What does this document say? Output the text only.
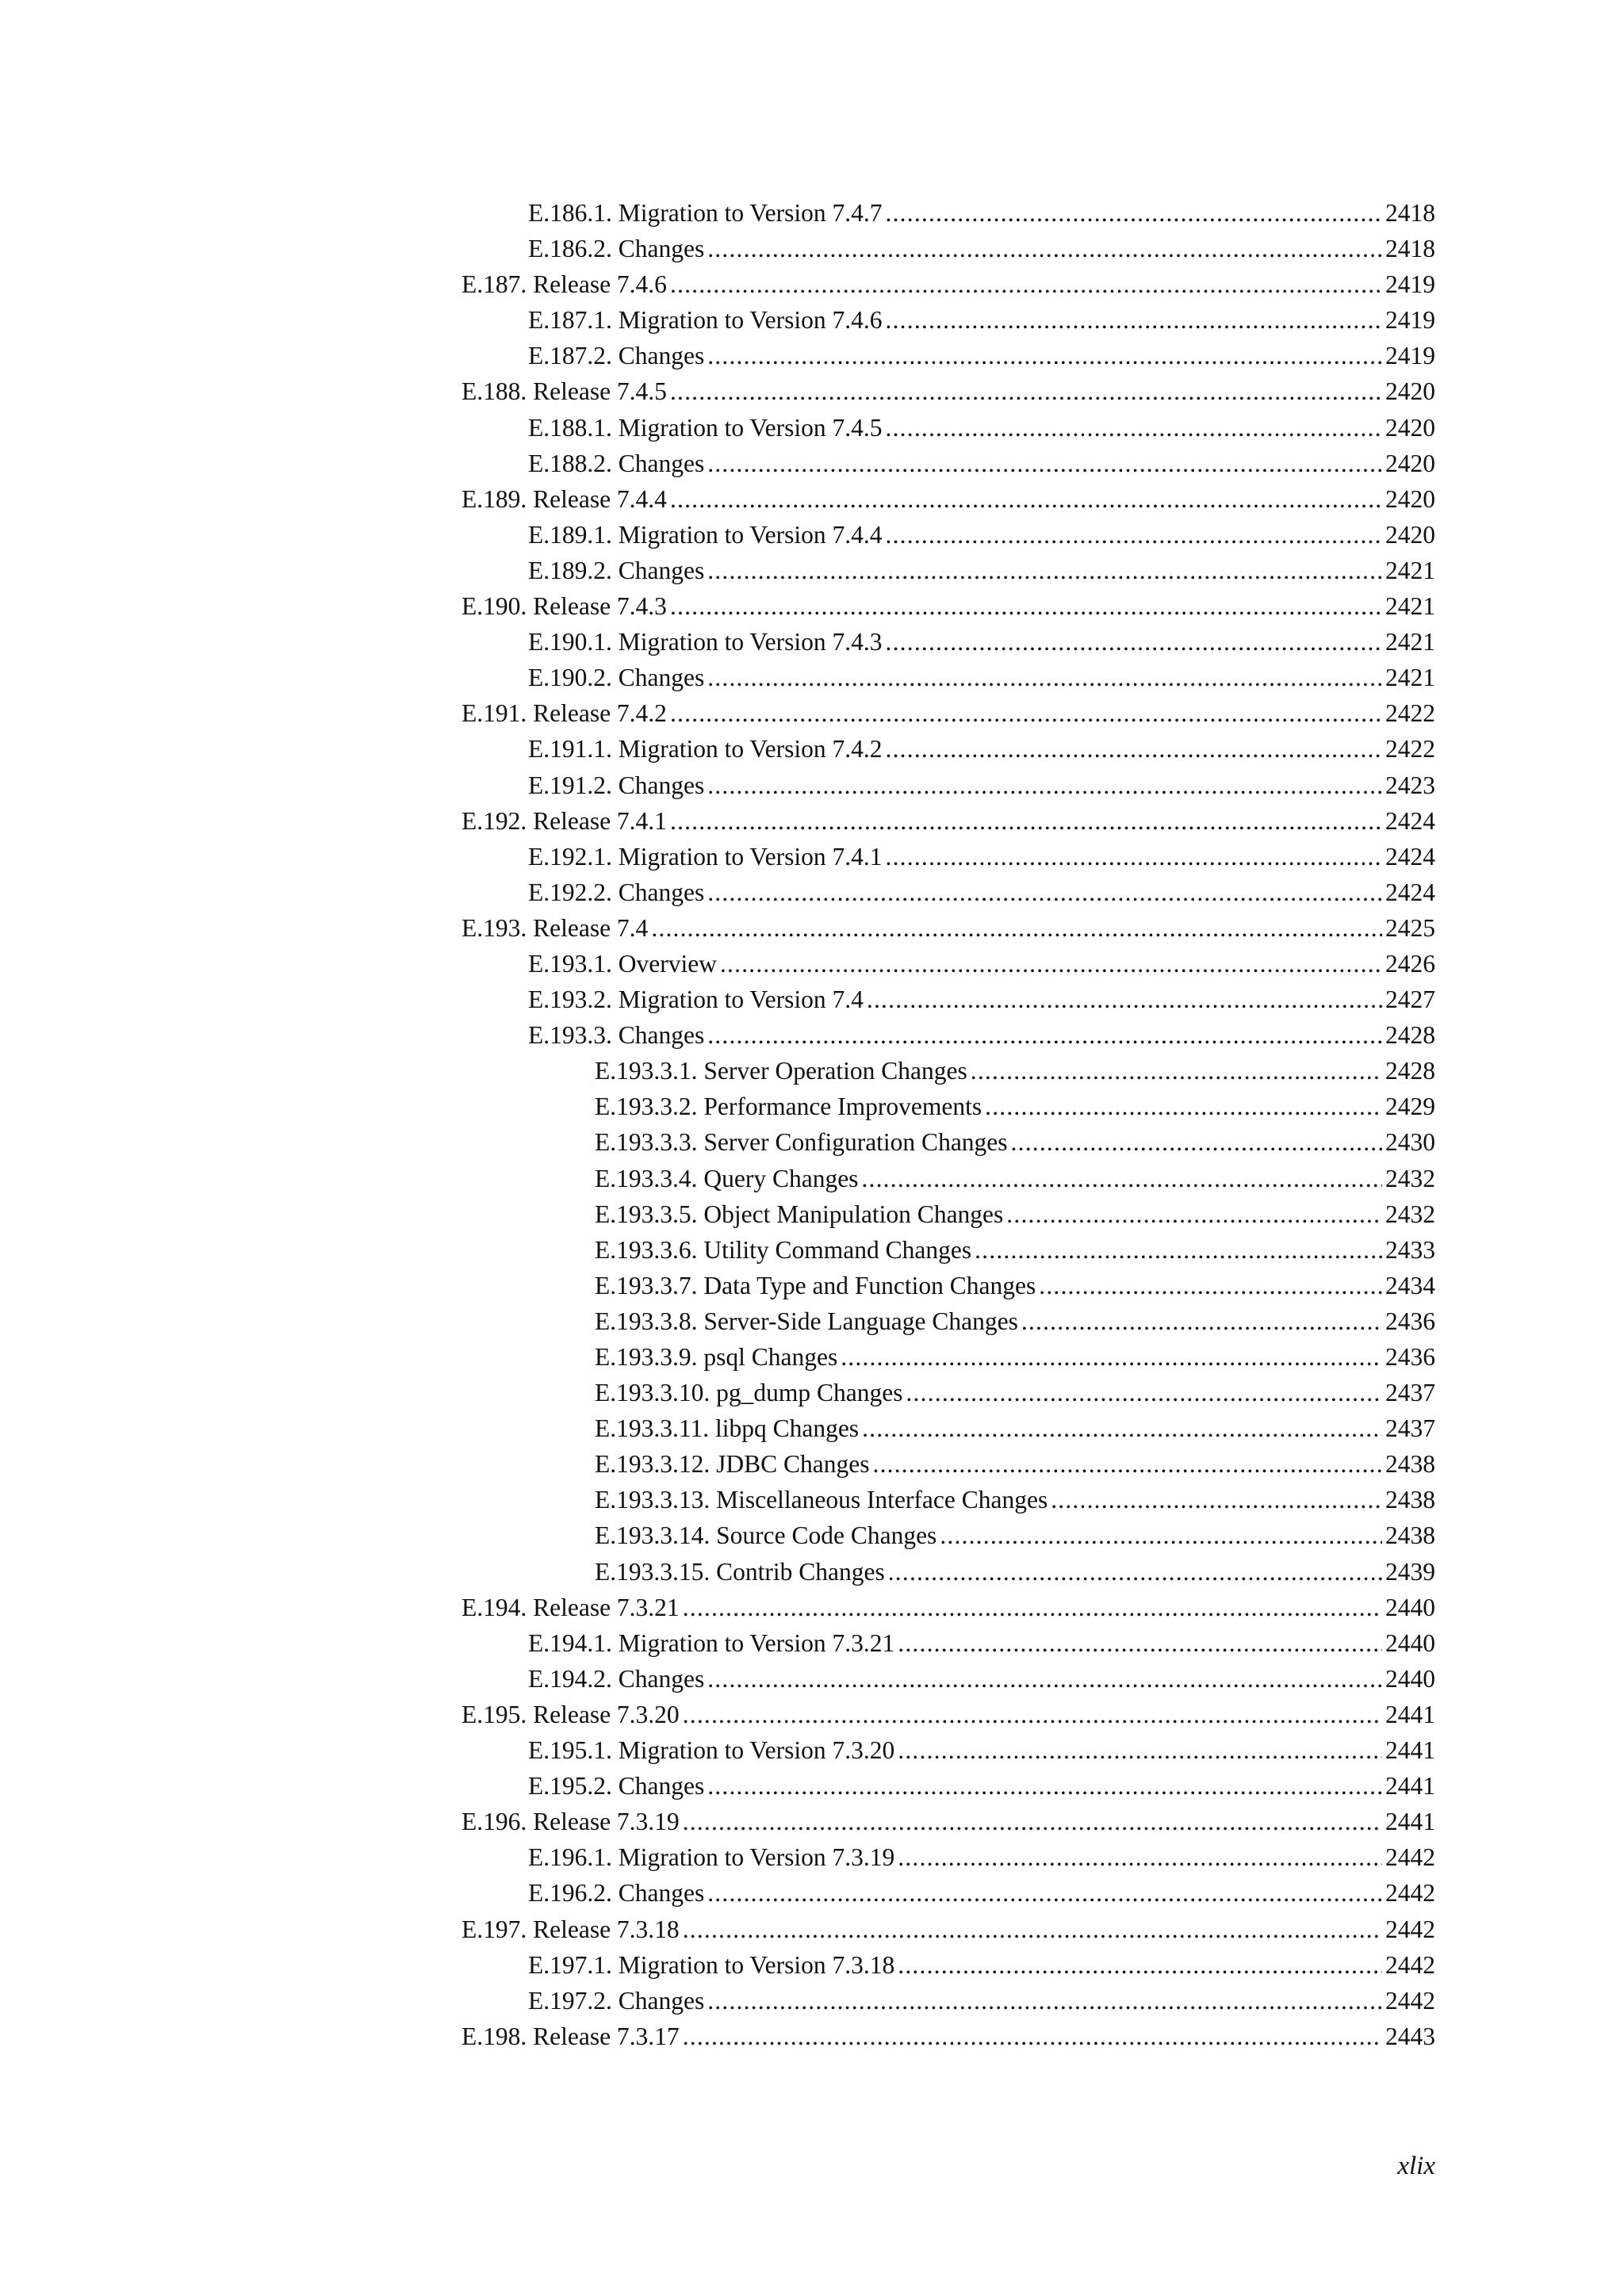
E.186.1. Migration to Version 7.4.7 .....	2418
E.186.2. Changes .....	2418
E.187. Release 7.4.6 .....	2419
E.187.1. Migration to Version 7.4.6 .....	2419
E.187.2. Changes .....	2419
E.188. Release 7.4.5 .....	2420
E.188.1. Migration to Version 7.4.5 .....	2420
E.188.2. Changes .....	2420
E.189. Release 7.4.4 .....	2420
E.189.1. Migration to Version 7.4.4 .....	2420
E.189.2. Changes .....	2421
E.190. Release 7.4.3 .....	2421
E.190.1. Migration to Version 7.4.3 .....	2421
E.190.2. Changes .....	2421
E.191. Release 7.4.2 .....	2422
E.191.1. Migration to Version 7.4.2 .....	2422
E.191.2. Changes .....	2423
E.192. Release 7.4.1 .....	2424
E.192.1. Migration to Version 7.4.1 .....	2424
E.192.2. Changes .....	2424
E.193. Release 7.4 .....	2425
E.193.1. Overview .....	2426
E.193.2. Migration to Version 7.4 .....	2427
E.193.3. Changes .....	2428
E.193.3.1. Server Operation Changes .....	2428
E.193.3.2. Performance Improvements .....	2429
E.193.3.3. Server Configuration Changes .....	2430
E.193.3.4. Query Changes .....	2432
E.193.3.5. Object Manipulation Changes .....	2432
E.193.3.6. Utility Command Changes .....	2433
E.193.3.7. Data Type and Function Changes .....	2434
E.193.3.8. Server-Side Language Changes .....	2436
E.193.3.9. psql Changes .....	2436
E.193.3.10. pg_dump Changes .....	2437
E.193.3.11. libpq Changes .....	2437
E.193.3.12. JDBC Changes .....	2438
E.193.3.13. Miscellaneous Interface Changes .....	2438
E.193.3.14. Source Code Changes .....	2438
E.193.3.15. Contrib Changes .....	2439
E.194. Release 7.3.21 .....	2440
E.194.1. Migration to Version 7.3.21 .....	2440
E.194.2. Changes .....	2440
E.195. Release 7.3.20 .....	2441
E.195.1. Migration to Version 7.3.20 .....	2441
E.195.2. Changes .....	2441
E.196. Release 7.3.19 .....	2441
E.196.1. Migration to Version 7.3.19 .....	2442
E.196.2. Changes .....	2442
E.197. Release 7.3.18 .....	2442
E.197.1. Migration to Version 7.3.18 .....	2442
E.197.2. Changes .....	2442
E.198. Release 7.3.17 .....	2443
xlix
